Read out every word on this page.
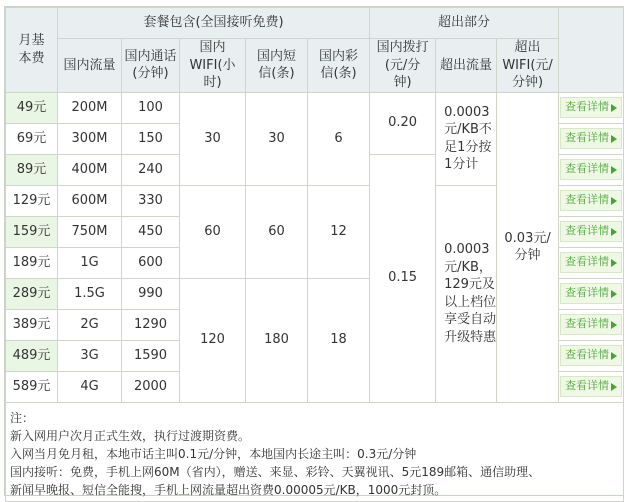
月基本费	套餐包含(全国接听免费)					超出部分			
	国内流量	国内通话(分钟)	国内WIFI(小时)	国内短信(条)	国内彩信(条)	国内拨打(元/分钟)	超出流量	超出WIFI(元/分钟)	
49元	200M	100	30	30	6	0.20	0.0003元/KB不足1分按1分计	0.03元/分钟	查看详情

69元	300M	150							查看详情

89元	400M	240				0.15			查看详情

129元	600M	330	60	60	12		0.0003元/KB，129元及以上档位享受自动升级特惠		查看详情

159元	750M	450							查看详情

189元	1G	600							查看详情

289元	1.5G	990	120	180	18				查看详情

389元	2G	1290							查看详情

489元	3G	1590							查看详情

589元	4G	2000							查看详情

注：
新入网用户次月正式生效，执行过渡期资费。
入网当月免月租，本地市话主叫0.1元/分钟，本地国内长途主叫：0.3元/分钟
国内接听：免费，手机上网60M（省内），赠送、来显、彩铃、天翼视讯、5元189邮箱、通信助理、
新闻早晚报、短信全能搜，手机上网流量超出资费0.00005元/KB，1000元封顶。									
